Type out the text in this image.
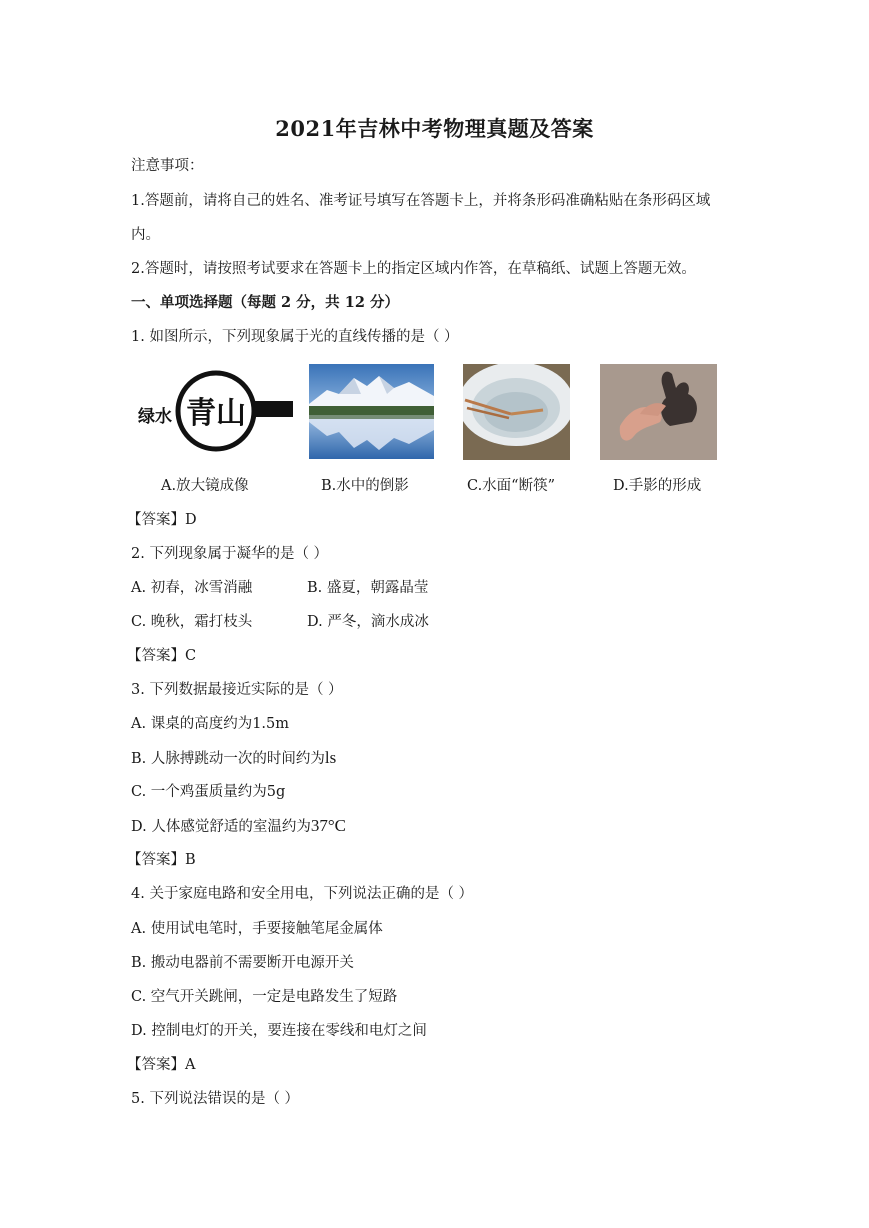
2021年吉林中考物理真题及答案
注意事项：
1.答题前，请将自己的姓名、准考证号填写在答题卡上，并将条形码准确粘贴在条形码区域
内。
2.答题时，请按照考试要求在答题卡上的指定区域内作答，在草稿纸、试题上答题无效。
一、单项选择题（每题 2 分，共 12 分）
1. 如图所示，下列现象属于光的直线传播的是（ ）
绿水 青山
A.放大镜成像	B.水中的倒影	C.水面“断筷”	D.手影的形成
【答案】D
2. 下列现象属于凝华的是（ ）
A. 初春，冰雪消融	B. 盛夏，朝露晶莹
C. 晚秋，霜打枝头	D. 严冬，滴水成冰
【答案】C
3. 下列数据最接近实际的是（ ）
A. 课桌的高度约为1.5m
B. 人脉搏跳动一次的时间约为ls
C. 一个鸡蛋质量约为5g
D. 人体感觉舒适的室温约为37°C
【答案】B
4. 关于家庭电路和安全用电，下列说法正确的是（ ）
A. 使用试电笔时，手要接触笔尾金属体
B. 搬动电器前不需要断开电源开关
C. 空气开关跳闸，一定是电路发生了短路
D. 控制电灯的开关，要连接在零线和电灯之间
【答案】A
5. 下列说法错误的是（ ）
